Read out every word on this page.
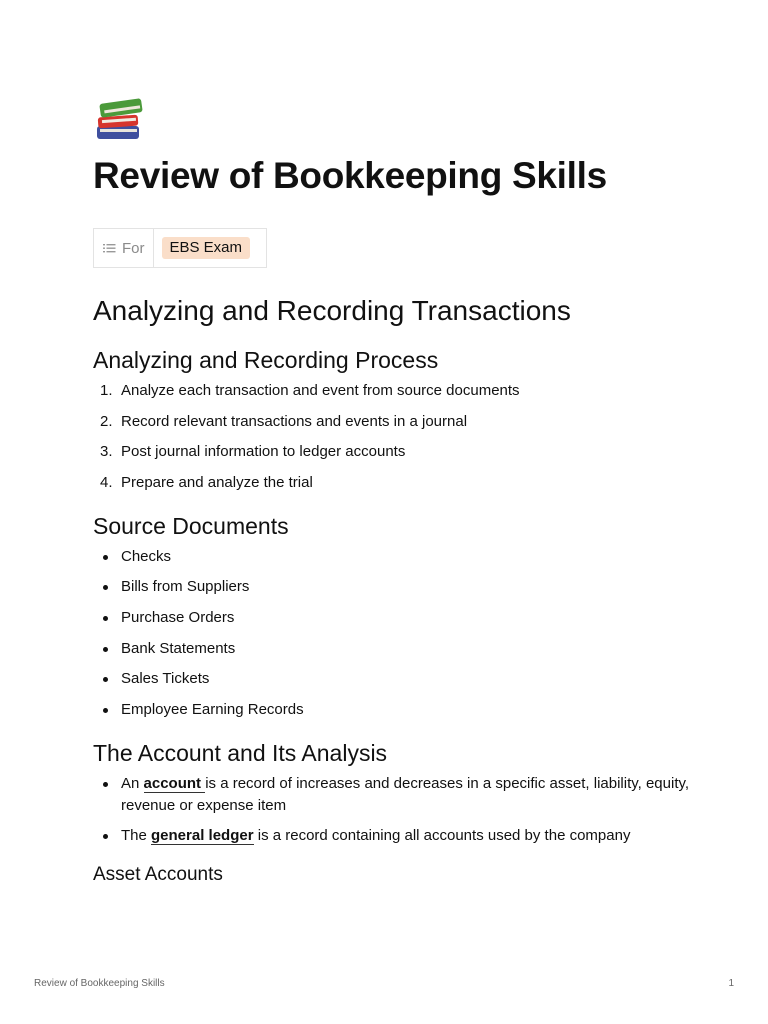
Review of Bookkeeping Skills
For	EBS Exam
Analyzing and Recording Transactions
Analyzing and Recording Process
1. Analyze each transaction and event from source documents
2. Record relevant transactions and events in a journal
3. Post journal information to ledger accounts
4. Prepare and analyze the trial
Source Documents
Checks
Bills from Suppliers
Purchase Orders
Bank Statements
Sales Tickets
Employee Earning Records
The Account and Its Analysis
An account is a record of increases and decreases in a specific asset, liability, equity, revenue or expense item
The general ledger is a record containing all accounts used by the company
Asset Accounts
Review of Bookkeeping Skills	1
